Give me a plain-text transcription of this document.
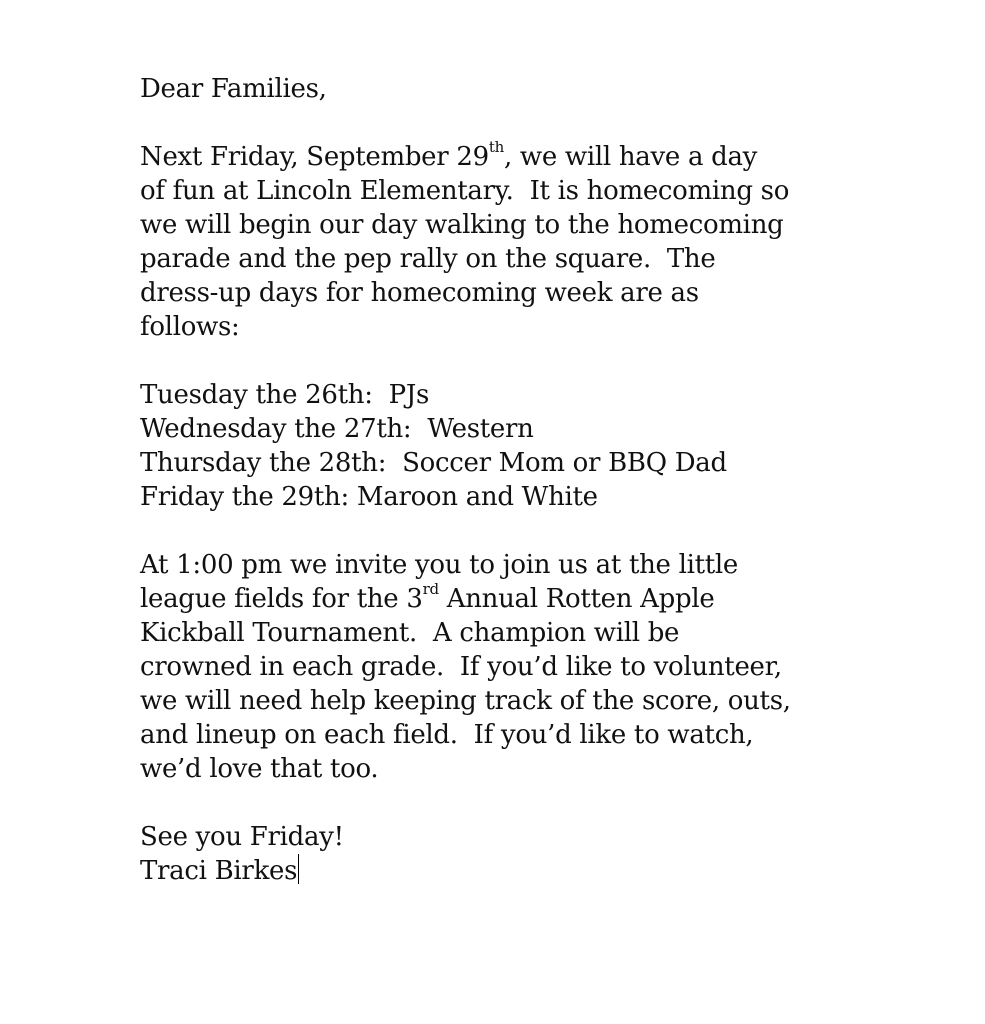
Dear Families,
Next Friday, September 29th, we will have a day
of fun at Lincoln Elementary.  It is homecoming so
we will begin our day walking to the homecoming
parade and the pep rally on the square.  The
dress-up days for homecoming week are as
follows:
Tuesday the 26th:  PJs
Wednesday the 27th:  Western
Thursday the 28th:  Soccer Mom or BBQ Dad
Friday the 29th: Maroon and White
At 1:00 pm we invite you to join us at the little
league fields for the 3rd Annual Rotten Apple
Kickball Tournament.  A champion will be
crowned in each grade.  If you’d like to volunteer,
we will need help keeping track of the score, outs,
and lineup on each field.  If you’d like to watch,
we’d love that too.
See you Friday!
Traci Birkes
